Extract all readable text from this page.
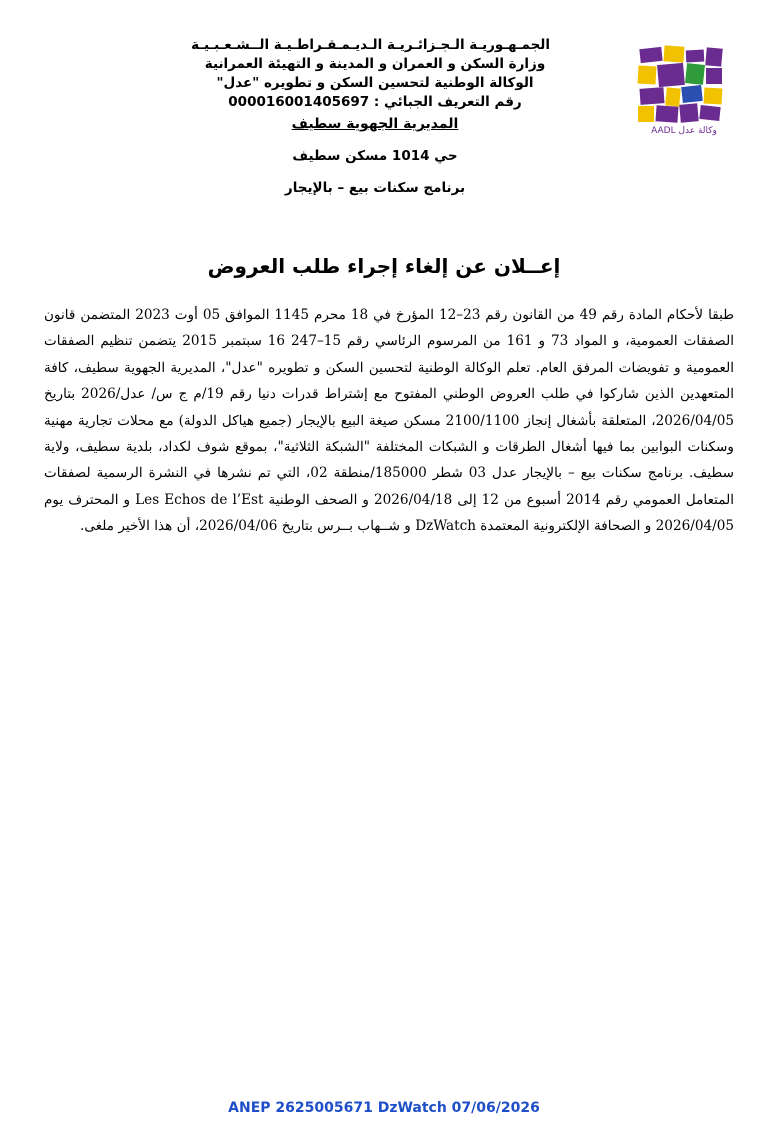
الجمـهـوريـة الـجـزائـريـة الـديـمـقـراطـيـة الــشـعـبـيـة
وزارة السكن و العمران و المدينة و التهيئة العمرانية
الوكالة الوطنية لتحسين السكن و تطويره "عدل"
رقم التعريف الجبائي : 000016001405697
المديرية الجهوية سطيف
حي 1014 مسكن سطيف
برنامج سكنات بيع – بالإيجار
وكالة عدل AADL
إعــلان عن إلغاء إجراء طلب العروض
طبقا لأحكام المادة رقم 49 من القانون رقم 23–12 المؤرخ في 18 محرم 1145 الموافق 05 أوت 2023 المتضمن قانون الصفقات العمومية، و المواد 73 و 161 من المرسوم الرئاسي رقم 15–247 16 سبتمبر 2015 يتضمن تنظيم الصفقات العمومية و تفويضات المرفق العام. تعلم الوكالة الوطنية لتحسين السكن و تطويره "عدل"، المديرية الجهوية سطيف، كافة المتعهدين الذين شاركوا في طلب العروض الوطني المفتوح مع إشتراط قدرات دنيا رقم 19/م ج س/ عدل/2026 بتاريخ 2026/04/05، المتعلقة بأشغال إنجاز 2100/1100 مسكن صيغة البيع بالإيجار (جميع هياكل الدولة) مع محلات تجارية مهنية وسكنات البوابين بما فيها أشغال الطرقات و الشبكات المختلفة "الشبكة الثلاثية"، بموقع شوف لكداد، بلدية سطيف، ولاية سطيف. برنامج سكنات بيع – بالإيجار عدل 03 شطر 185000/منطقة 02، التي تم نشرها في النشرة الرسمية لصفقات المتعامل العمومي رقم 2014 أسبوع من 12 إلى 2026/04/18 و الصحف الوطنية Les Echos de l’Est و المحترف يوم 2026/04/05 و الصحافة الإلكترونية المعتمدة DzWatch و شــهاب بــرس بتاريخ 2026/04/06، أن هذا الأخير ملغى.
ANEP 2625005671 DzWatch 07/06/2026
